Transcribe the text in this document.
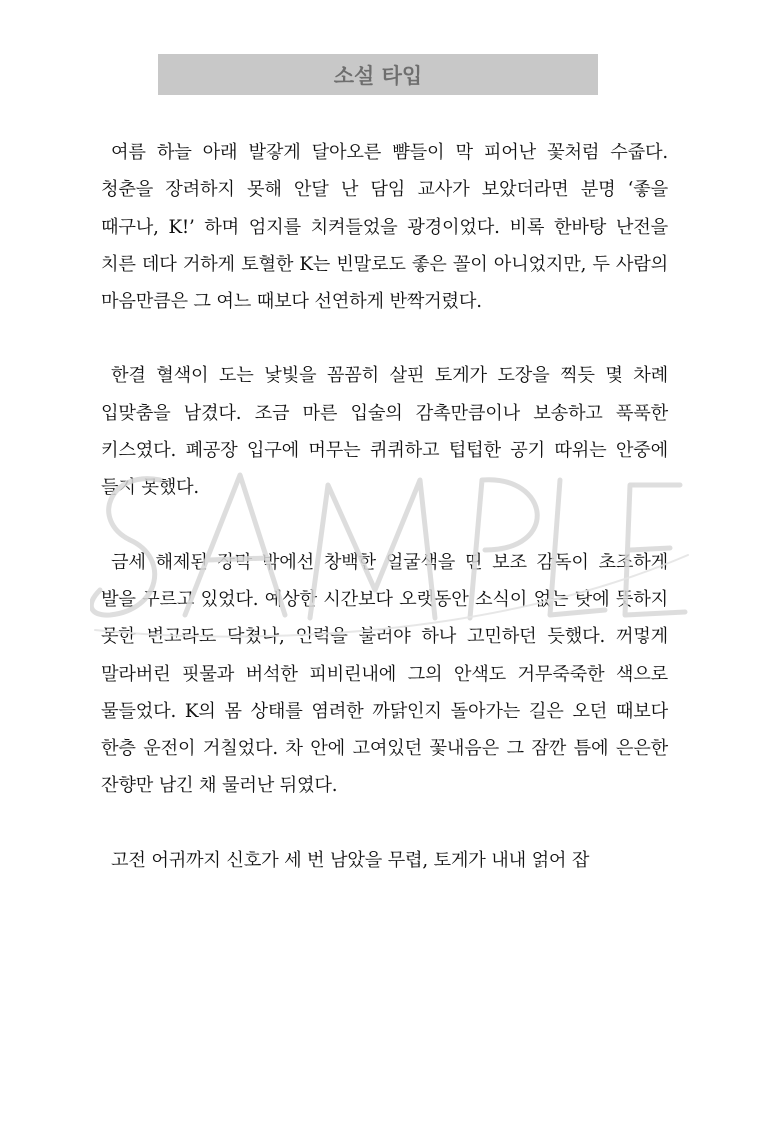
소설 타입

여름 하늘 아래 발갛게 달아오른 뺨들이 막 피어난 꽃처럼 수줍다. 청춘을 장려하지 못해 안달 난 담임 교사가 보았더라면 분명 ‘좋을 때구나, K!’ 하며 엄지를 치켜들었을 광경이었다. 비록 한바탕 난전을 치른 데다 거하게 토혈한 K는 빈말로도 좋은 꼴이 아니었지만, 두 사람의 마음만큼은 그 여느 때보다 선연하게 반짝거렸다.

한결 혈색이 도는 낯빛을 꼼꼼히 살핀 토게가 도장을 찍듯 몇 차례 입맞춤을 남겼다. 조금 마른 입술의 감촉만큼이나 보송하고 푹푹한 키스였다. 폐공장 입구에 머무는 퀴퀴하고 텁텁한 공기 따위는 안중에 들지 못했다.

금세 해제된 장막 밖에선 창백한 얼굴색을 띤 보조 감독이 초조하게 발을 구르고 있었다. 예상한 시간보다 오랫동안 소식이 없는 탓에 뜻하지 못한 변고라도 닥쳤나, 인력을 불러야 하나 고민하던 듯했다. 꺼멓게 말라버린 핏물과 버석한 피비린내에 그의 안색도 거무죽죽한 색으로 물들었다. K의 몸 상태를 염려한 까닭인지 돌아가는 길은 오던 때보다 한층 운전이 거칠었다. 차 안에 고여있던 꽃내음은 그 잠깐 틈에 은은한 잔향만 남긴 채 물러난 뒤였다.

고전 어귀까지 신호가 세 번 남았을 무렵, 토게가 내내 얽어 잡
